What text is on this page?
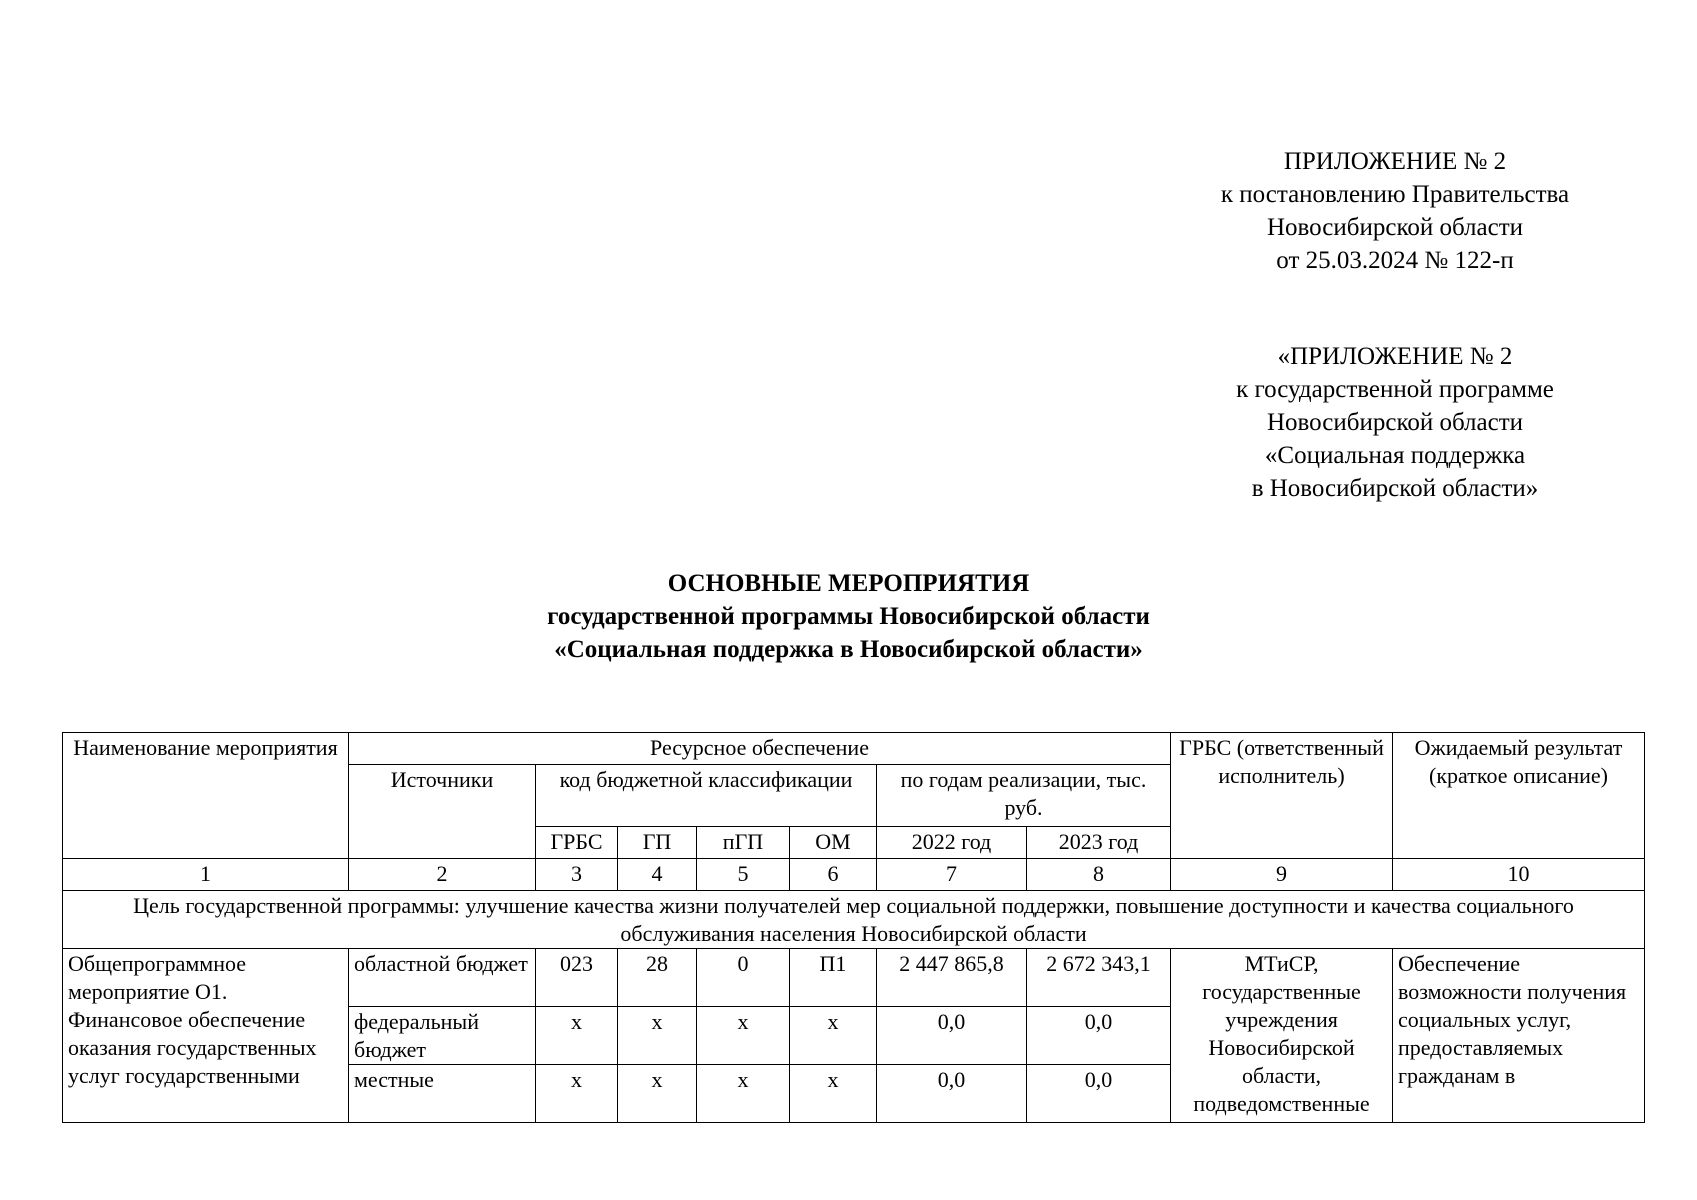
ПРИЛОЖЕНИЕ № 2
к постановлению Правительства
Новосибирской области
от 25.03.2024 № 122-п
«ПРИЛОЖЕНИЕ № 2
к государственной программе
Новосибирской области
«Социальная поддержка
в Новосибирской области»
ОСНОВНЫЕ МЕРОПРИЯТИЯ
государственной программы Новосибирской области
«Социальная поддержка в Новосибирской области»
Наименование мероприятия	Ресурсное обеспечение							ГРБС (ответственный исполнитель)	Ожидаемый результат (краткое описание)
	Источники	код бюджетной классификации				по годам реализации, тыс. руб.			
		ГРБС	ГП	пГП	ОМ	2022 год	2023 год		
1	2	3	4	5	6	7	8	9	10
Цель государственной программы: улучшение качества жизни получателей мер социальной поддержки, повышение доступности и качества социального обслуживания населения Новосибирской области									
Общепрограммное мероприятие О1. Финансовое обеспечение оказания государственных услуг государственными	областной бюджет	023	28	0	П1	2 447 865,8	2 672 343,1	МТиСР, государственные учреждения Новосибирской области, подведомственные	Обеспечение возможности получения социальных услуг, предоставляемых гражданам в
	федеральный бюджет	х	х	х	х	0,0	0,0		
	местные	х	х	х	х	0,0	0,0		
